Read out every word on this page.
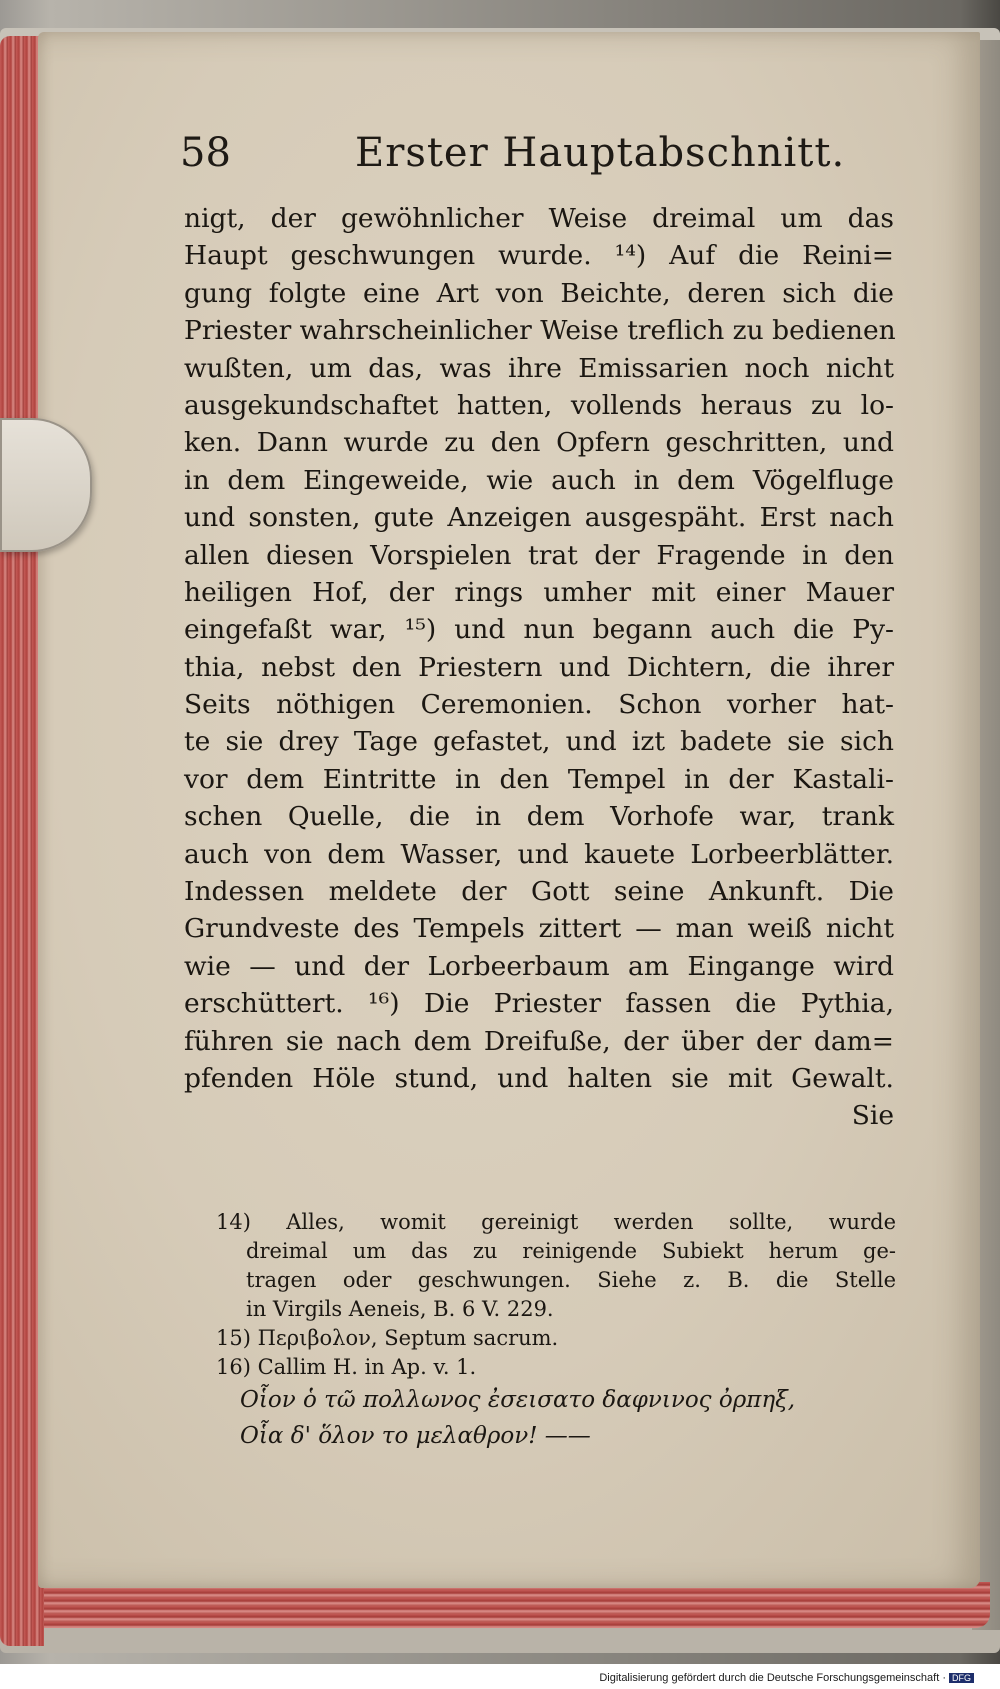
58	Erster Hauptabschnitt.
nigt, der gewöhnlicher Weise dreimal um das
Haupt geschwungen wurde. ¹⁴) Auf die Reini=
gung folgte eine Art von Beichte, deren sich die
Priester wahrscheinlicher Weise treflich zu bedienen
wußten, um das, was ihre Emissarien noch nicht
ausgekundschaftet hatten, vollends heraus zu lo-
ken. Dann wurde zu den Opfern geschritten, und
in dem Eingeweide, wie auch in dem Vögelfluge
und sonsten, gute Anzeigen ausgespäht. Erst nach
allen diesen Vorspielen trat der Fragende in den
heiligen Hof, der rings umher mit einer Mauer
eingefaßt war, ¹⁵) und nun begann auch die Py-
thia, nebst den Priestern und Dichtern, die ihrer
Seits nöthigen Ceremonien. Schon vorher hat-
te sie drey Tage gefastet, und izt badete sie sich
vor dem Eintritte in den Tempel in der Kastali-
schen Quelle, die in dem Vorhofe war, trank
auch von dem Wasser, und kauete Lorbeerblätter.
Indessen meldete der Gott seine Ankunft. Die
Grundveste des Tempels zittert — man weiß nicht
wie — und der Lorbeerbaum am Eingange wird
erschüttert. ¹⁶) Die Priester fassen die Pythia,
führen sie nach dem Dreifuße, der über der dam=
pfenden Höle stund, und halten sie mit Gewalt.
Sie
14) Alles, womit gereinigt werden sollte, wurde
dreimal um das zu reinigende Subiekt herum ge-
tragen oder geschwungen. Siehe z. B. die Stelle
in Virgils Aeneis, B. 6 V. 229.
15) Περιβολον, Septum sacrum.
16) Callim H. in Ap. v. 1.
Οἷον ὁ τῶ πολλωνος ἐσεισατο δαφνινος ὀρπηξ,
Οἷα δ' ὅλον το μελαθρον! ——
Digitalisierung gefördert durch die Deutsche Forschungsgemeinschaft · DFG
